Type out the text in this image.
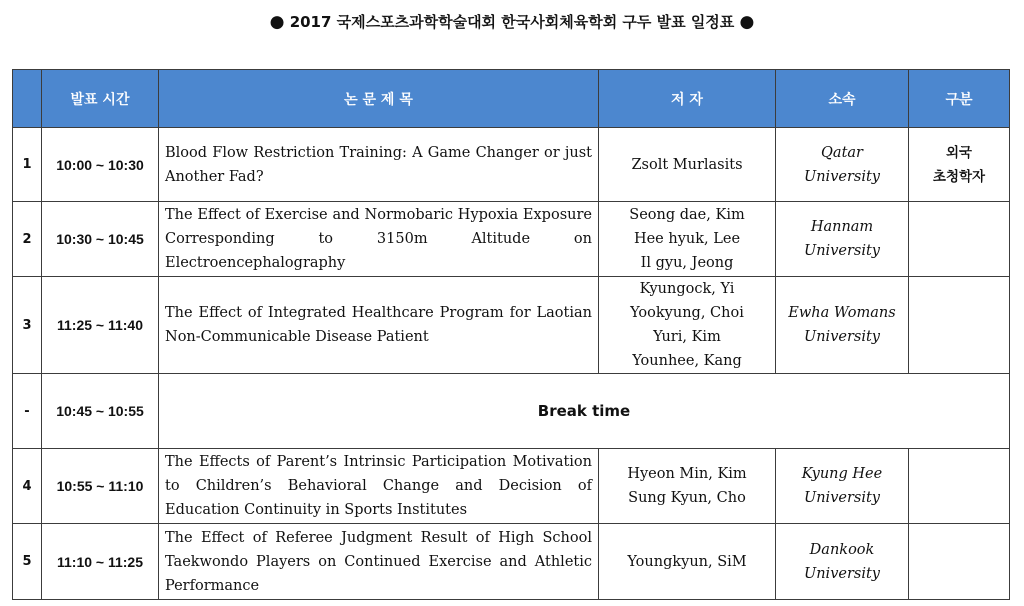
● 2017 국제스포츠과학학술대회 한국사회체육학회 구두 발표 일정표 ●
	발표 시간	논 문 제 목	저 자	소속	구분
1	10:00 ~ 10:30	Blood Flow Restriction Training: A Game Changer or just Another Fad?	Zsolt Murlasits	Qatar
University	외국
초청학자

2	10:30 ~ 10:45	The Effect of Exercise and Normobaric Hypoxia Exposure Corresponding to 3150m Altitude on Electroencephalography	Seong dae, Kim
Hee hyuk, Lee
Il gyu, Jeong	Hannam
University	

3	11:25 ~ 11:40	The Effect of Integrated Healthcare Program for Laotian Non-Communicable Disease Patient	Kyungock, Yi
Yookyung, Choi
Yuri, Kim
Younhee, Kang	Ewha Womans
University	

-	10:45 ~ 10:55	Break time			
4	10:55 ~ 11:10	The Effects of Parent’s Intrinsic Participation Motivation to Children’s Behavioral Change and Decision of Education Continuity in Sports Institutes	Hyeon Min, Kim
Sung Kyun, Cho	Kyung Hee
University	

5	11:10 ~ 11:25	The Effect of Referee Judgment Result of High School Taekwondo Players on Continued Exercise and Athletic Performance	Youngkyun, SiM	Dankook
University	
